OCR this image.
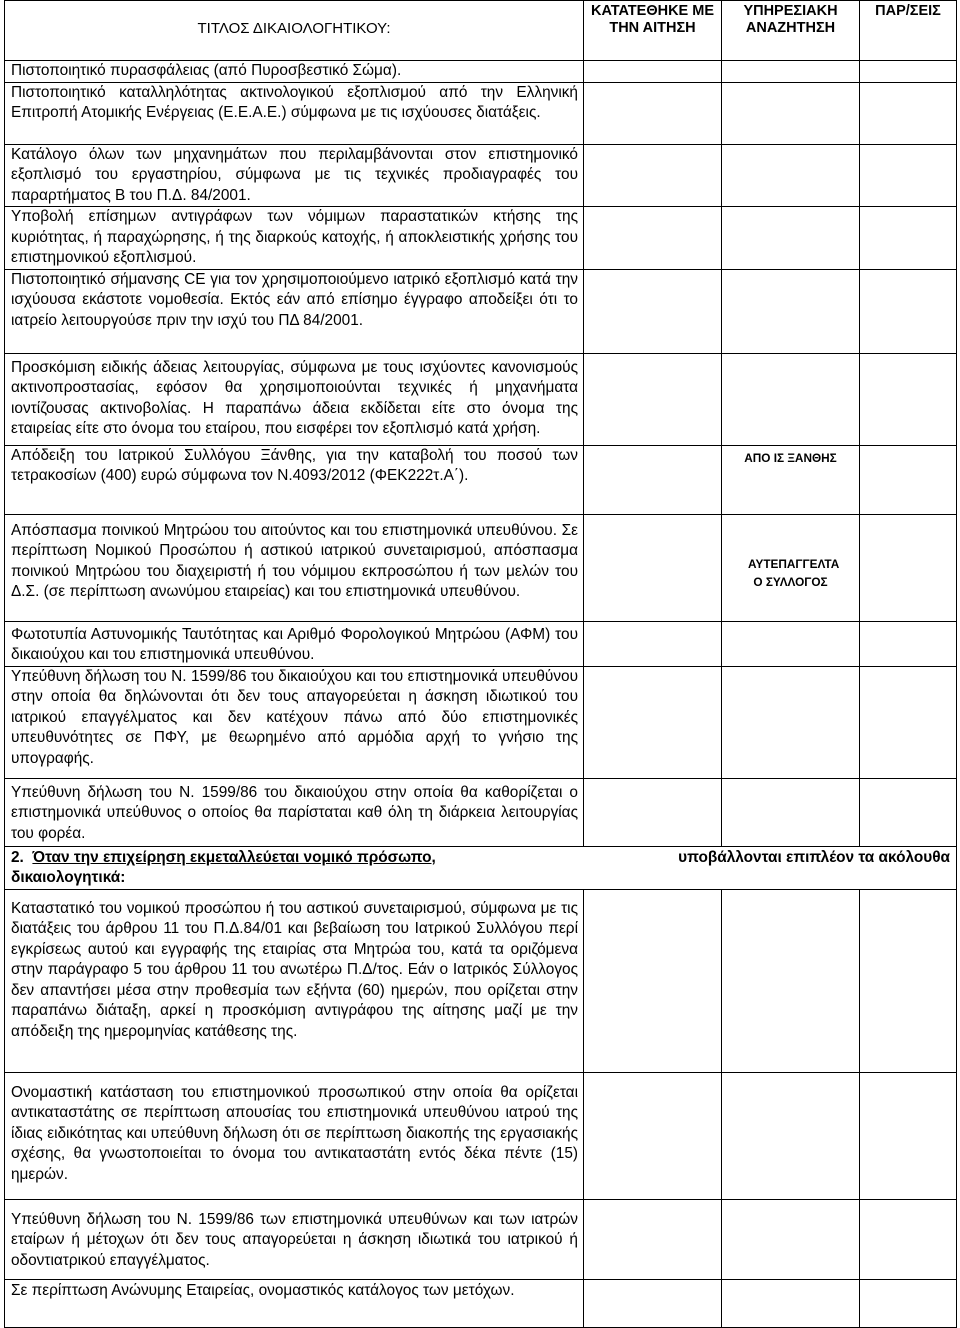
ΤΙΤΛΟΣ ΔΙΚΑΙΟΛΟΓΗΤΙΚΟΥ:	ΚΑΤΑΤΕΘΗΚΕ ΜΕ ΤΗΝ ΑΙΤΗΣΗ	ΥΠΗΡΕΣΙΑΚΗ ΑΝΑΖΗΤΗΣΗ	ΠΑΡ/ΣΕΙΣ
Πιστοποιητικό πυρασφάλειας (από Πυροσβεστικό Σώμα).			
Πιστοποιητικό καταλληλότητας ακτινολογικού εξοπλισμού από την Ελληνική Επιτροπή Ατομικής Ενέργειας (Ε.Ε.Α.Ε.) σύμφωνα με τις ισχύουσες διατάξεις.			
Κατάλογο όλων των μηχανημάτων που περιλαμβάνονται στον επιστημονικό εξοπλισμό του εργαστηρίου, σύμφωνα με τις τεχνικές προδιαγραφές του παραρτήματος Β του Π.Δ. 84/2001.			
Υποβολή επίσημων αντιγράφων των νόμιμων παραστατικών κτήσης της κυριότητας, ή παραχώρησης, ή της διαρκούς κατοχής, ή αποκλειστικής χρήσης του επιστημονικού εξοπλισμού.			
Πιστοποιητικό σήμανσης CE για τον χρησιμοποιούμενο ιατρικό εξοπλισμό κατά την ισχύουσα εκάστοτε νομοθεσία. Εκτός εάν από επίσημο έγγραφο αποδείξει ότι το ιατρείο λειτουργούσε πριν την ισχύ του ΠΔ 84/2001.			
Προσκόμιση ειδικής άδειας λειτουργίας, σύμφωνα με τους ισχύοντες κανονισμούς ακτινοπροστασίας, εφόσον θα χρησιμοποιούνται τεχνικές ή μηχανήματα ιοντίζουσας ακτινοβολίας. Η παραπάνω άδεια εκδίδεται είτε στο όνομα της εταιρείας είτε στο όνομα του εταίρου, που εισφέρει τον εξοπλισμό κατά χρήση.			
Απόδειξη του Ιατρικού Συλλόγου Ξάνθης, για την καταβολή του ποσού των τετρακοσίων (400) ευρώ σύμφωνα τον Ν.4093/2012 (ΦΕΚ222τ.Α΄).		ΑΠΟ ΙΣ ΞΑΝΘΗΣ	
Απόσπασμα ποινικού Μητρώου του αιτούντος και του επιστημονικά υπευθύνου. Σε περίπτωση Νομικού Προσώπου ή αστικού ιατρικού συνεταιρισμού, απόσπασμα ποινικού Μητρώου του διαχειριστή ή του νόμιμου εκπροσώπου ή των μελών του Δ.Σ. (σε περίπτωση ανωνύμου εταιρείας) και του επιστημονικά υπευθύνου.		ΑΥΤΕΠΑΓΓΕΛΤΑ Ο ΣΥΛΛΟΓΟΣ	
Φωτοτυπία Αστυνομικής Ταυτότητας και Αριθμό Φορολογικού Μητρώου (ΑΦΜ) του δικαιούχου και του επιστημονικά υπευθύνου.			
Υπεύθυνη δήλωση του Ν. 1599/86 του δικαιούχου και του επιστημονικά υπευθύνου στην οποία θα δηλώνονται ότι δεν τους απαγορεύεται η άσκηση ιδιωτικού του ιατρικού επαγγέλματος και δεν κατέχουν πάνω από δύο επιστημονικές υπευθυνότητες σε ΠΦΥ, με θεωρημένο από αρμόδια αρχή το γνήσιο της υπογραφής.			
Υπεύθυνη δήλωση του Ν. 1599/86 του δικαιούχου στην οποία θα καθορίζεται ο επιστημονικά υπεύθυνος ο οποίος θα παρίσταται καθ όλη τη διάρκεια λειτουργίας του φορέα.			

2. Όταν την επιχείρηση εκμεταλλεύεται νομικό πρόσωπο, υποβάλλονται επιπλέον τα ακόλουθα
δικαιολογητικά:			

Καταστατικό του νομικού προσώπου ή του αστικού συνεταιρισμού, σύμφωνα με τις διατάξεις του άρθρου 11 του Π.Δ.84/01 και βεβαίωση του Ιατρικού Συλλόγου περί εγκρίσεως αυτού και εγγραφής της εταιρίας στα Μητρώα του, κατά τα οριζόμενα στην παράγραφο 5 του άρθρου 11 του ανωτέρω Π.Δ/τος. Εάν ο Ιατρικός Σύλλογος δεν απαντήσει μέσα στην προθεσμία των εξήντα (60) ημερών, που ορίζεται στην παραπάνω διάταξη, αρκεί η προσκόμιση αντιγράφου της αίτησης μαζί με την απόδειξη της ημερομηνίας κατάθεσης της.			
Ονομαστική κατάσταση του επιστημονικού προσωπικού στην οποία θα ορίζεται αντικαταστάτης σε περίπτωση απουσίας του επιστημονικά υπευθύνου ιατρού της ίδιας ειδικότητας και υπεύθυνη δήλωση ότι σε περίπτωση διακοπής της εργασιακής σχέσης, θα γνωστοποιείται το όνομα του αντικαταστάτη εντός δέκα πέντε (15) ημερών.			
Υπεύθυνη δήλωση του Ν. 1599/86 των επιστημονικά υπευθύνων και των ιατρών εταίρων ή μέτοχων ότι δεν τους απαγορεύεται η άσκηση ιδιωτικά του ιατρικού ή οδοντιατρικού επαγγέλματος.			
Σε περίπτωση Ανώνυμης Εταιρείας, ονομαστικός κατάλογος των μετόχων.			
